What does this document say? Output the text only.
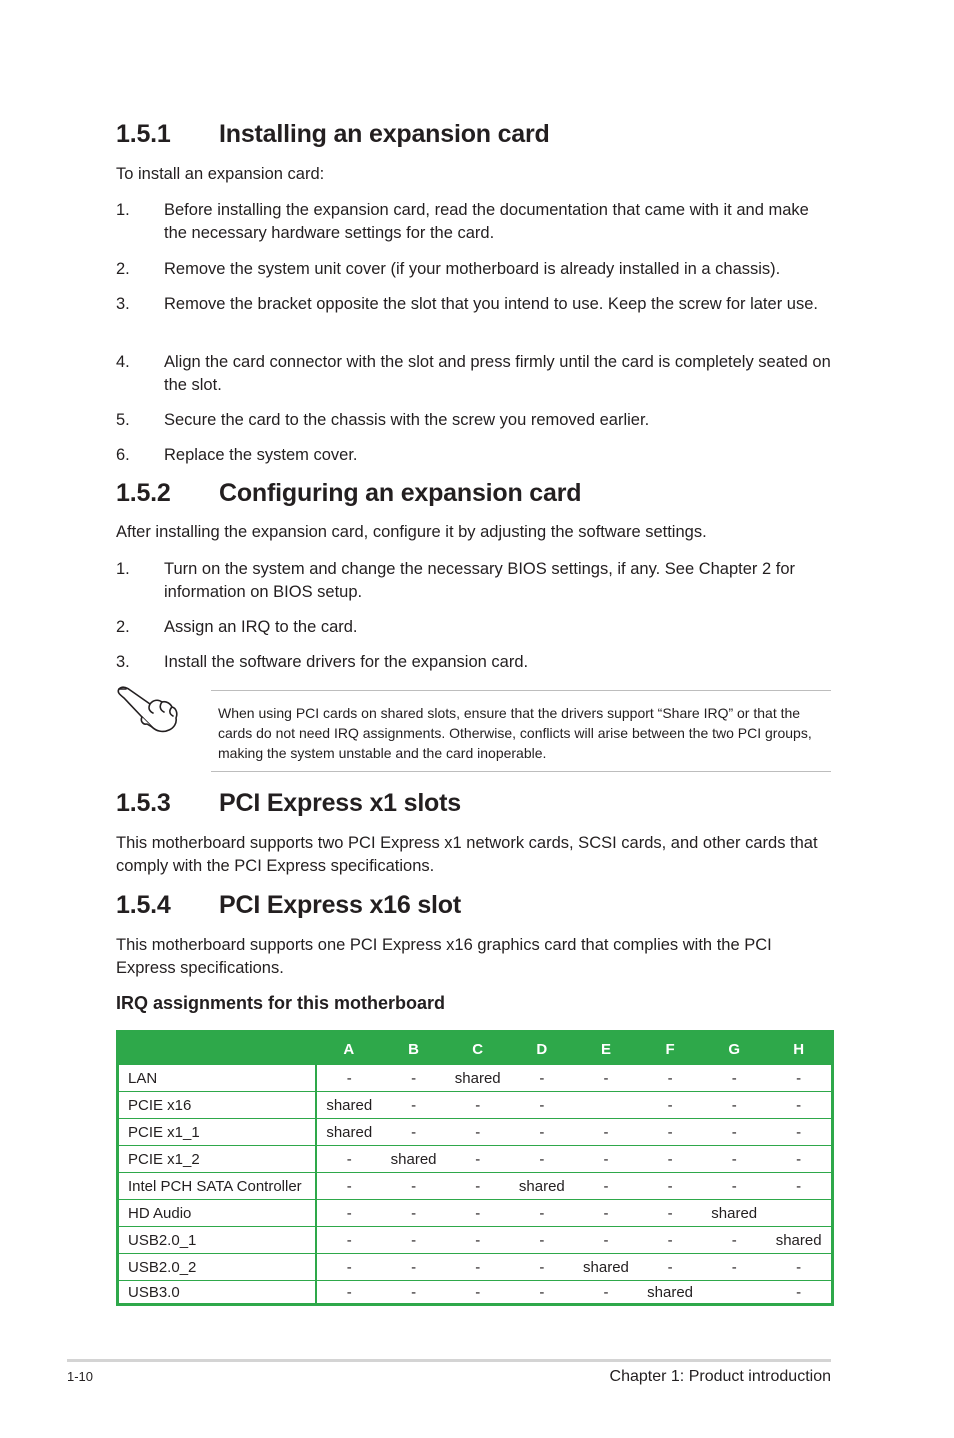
1.5.1 Installing an expansion card

To install an expansion card:

1. Before installing the expansion card, read the documentation that came with it and make the necessary hardware settings for the card.
2. Remove the system unit cover (if your motherboard is already installed in a chassis).
3. Remove the bracket opposite the slot that you intend to use. Keep the screw for later use.
4. Align the card connector with the slot and press firmly until the card is completely seated on the slot.
5. Secure the card to the chassis with the screw you removed earlier.
6. Replace the system cover.
1.5.2 Configuring an expansion card

After installing the expansion card, configure it by adjusting the software settings.

1. Turn on the system and change the necessary BIOS settings, if any. See Chapter 2 for information on BIOS setup.
2. Assign an IRQ to the card.
3. Install the software drivers for the expansion card.

When using PCI cards on shared slots, ensure that the drivers support “Share IRQ” or that the cards do not need IRQ assignments. Otherwise, conflicts will arise between the two PCI groups, making the system unstable and the card inoperable.

1.5.3 PCI Express x1 slots

This motherboard supports two PCI Express x1 network cards, SCSI cards, and other cards that comply with the PCI Express specifications.

1.5.4 PCI Express x16 slot

This motherboard supports one PCI Express x16 graphics card that complies with the PCI Express specifications.

IRQ assignments for this motherboard
	A	B	C	D	E	F	G	H
LAN	-	-	shared	-	-	-	-	-
PCIE x16	shared	-	-	-		-	-	-
PCIE x1_1	shared	-	-	-	-	-	-	-
PCIE x1_2	-	shared	-	-	-	-	-	-
Intel PCH SATA Controller	-	-	-	shared	-	-	-	-
HD Audio	-	-	-	-	-	-	shared	
USB2.0_1	-	-	-	-	-	-	-	shared
USB2.0_2	-	-	-	-	shared	-	-	-
USB3.0	-	-	-	-	-	shared		-
1-10	Chapter 1: Product introduction
